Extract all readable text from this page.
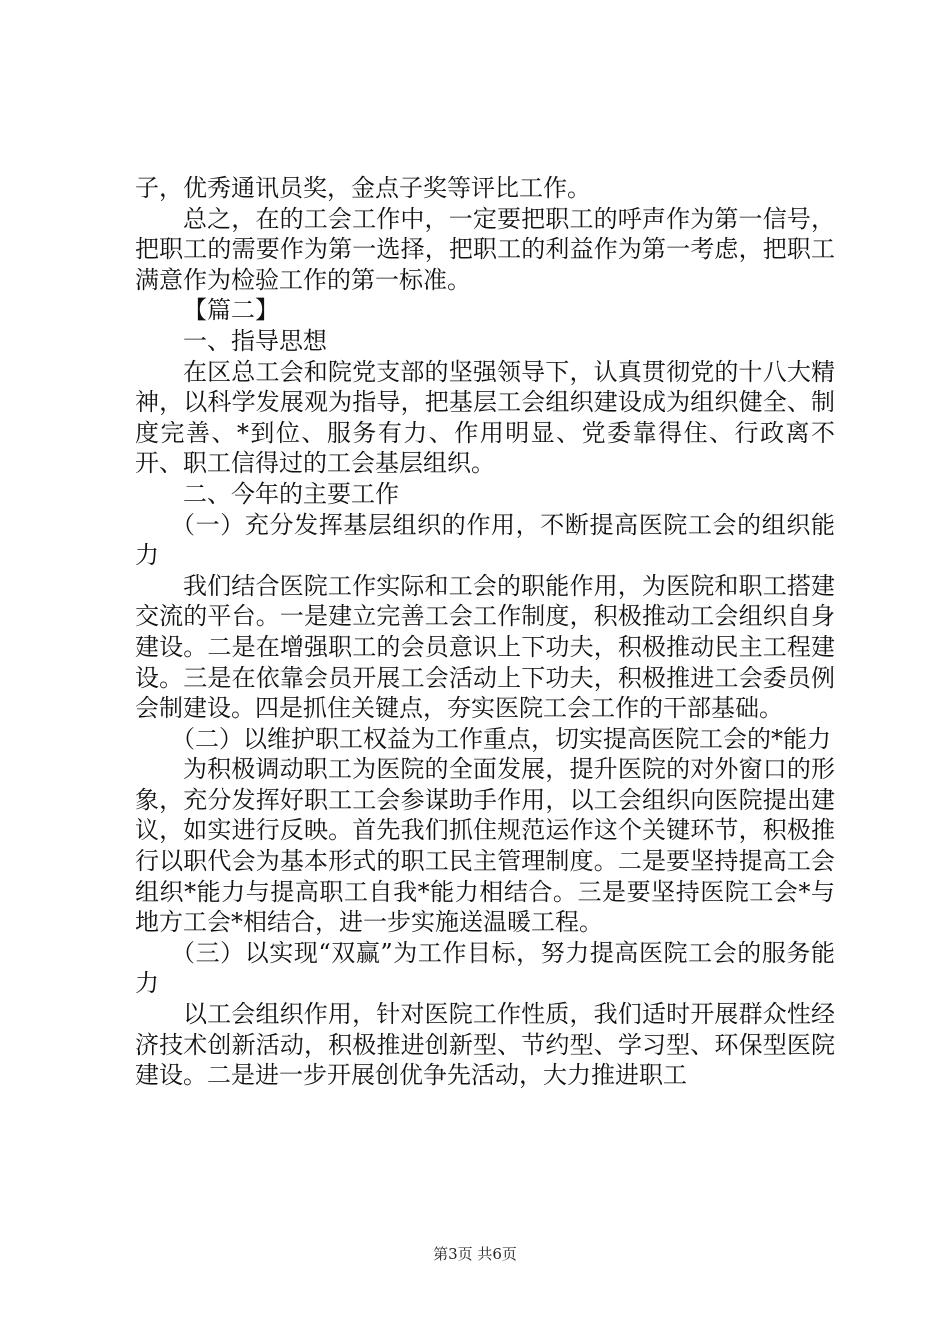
子，优秀通讯员奖，金点子奖等评比工作。

总之，在的工会工作中，一定要把职工的呼声作为第一信号，把职工的需要作为第一选择，把职工的利益作为第一考虑，把职工满意作为检验工作的第一标准。

【篇二】

一、指导思想

在区总工会和院党支部的坚强领导下，认真贯彻党的十八大精神，以科学发展观为指导，把基层工会组织建设成为组织健全、制度完善、*到位、服务有力、作用明显、党委靠得住、行政离不开、职工信得过的工会基层组织。

二、今年的主要工作

（一）充分发挥基层组织的作用，不断提高医院工会的组织能力

我们结合医院工作实际和工会的职能作用，为医院和职工搭建交流的平台。一是建立完善工会工作制度，积极推动工会组织自身建设。二是在增强职工的会员意识上下功夫，积极推动民主工程建设。三是在依靠会员开展工会活动上下功夫，积极推进工会委员例会制建设。四是抓住关键点，夯实医院工会工作的干部基础。

（二）以维护职工权益为工作重点，切实提高医院工会的*能力

为积极调动职工为医院的全面发展，提升医院的对外窗口的形象，充分发挥好职工工会参谋助手作用，以工会组织向医院提出建议，如实进行反映。首先我们抓住规范运作这个关键环节，积极推行以职代会为基本形式的职工民主管理制度。二是要坚持提高工会组织*能力与提高职工自我*能力相结合。三是要坚持医院工会*与地方工会*相结合，进一步实施送温暖工程。

（三）以实现“双赢”为工作目标，努力提高医院工会的服务能力

以工会组织作用，针对医院工作性质，我们适时开展群众性经济技术创新活动，积极推进创新型、节约型、学习型、环保型医院建设。二是进一步开展创优争先活动，大力推进职工

第3页 共6页
